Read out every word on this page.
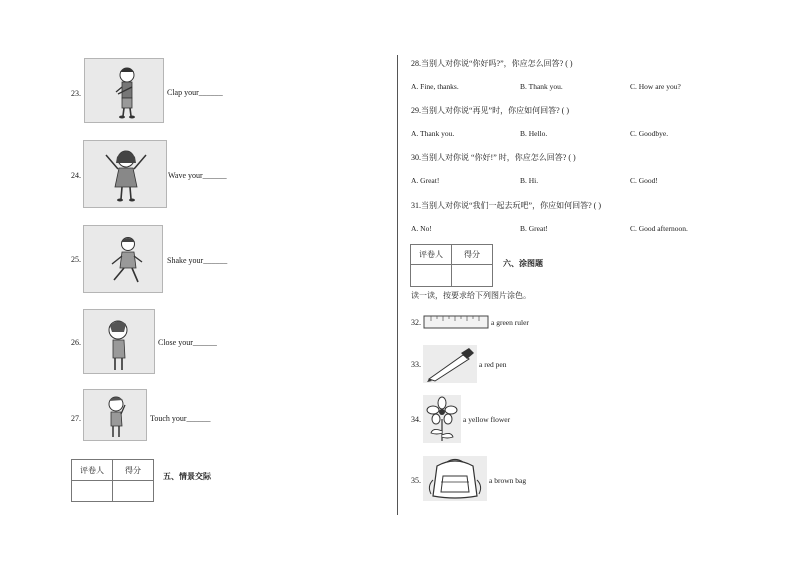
23.	Clap your______
24.	Wave your______
25.	Shake your______
26.	Close your______
27.	Touch your______
评卷人	得分

五、情景交际
28.当别人对你说“你好吗?”，你应怎么回答? ( )
A. Fine, thanks.	B. Thank you.	C. How are you?
29.当别人对你说“再见”时，你应如何回答? ( )
A. Thank you.	B. Hello.	C. Goodbye.
30.当别人对你说 “你好!” 时，你应怎么回答? ( )
A. Great!	B. Hi.	C. Good!
31.当别人对你说“我们一起去玩吧”，你应如何回答? ( )
A. No!	B. Great!	C. Good afternoon.
评卷人	得分

六、涂图题
读一读，按要求给下列图片涂色。
32.	a green ruler
33.	a red pen
34.	a yellow flower
35.	a brown bag
